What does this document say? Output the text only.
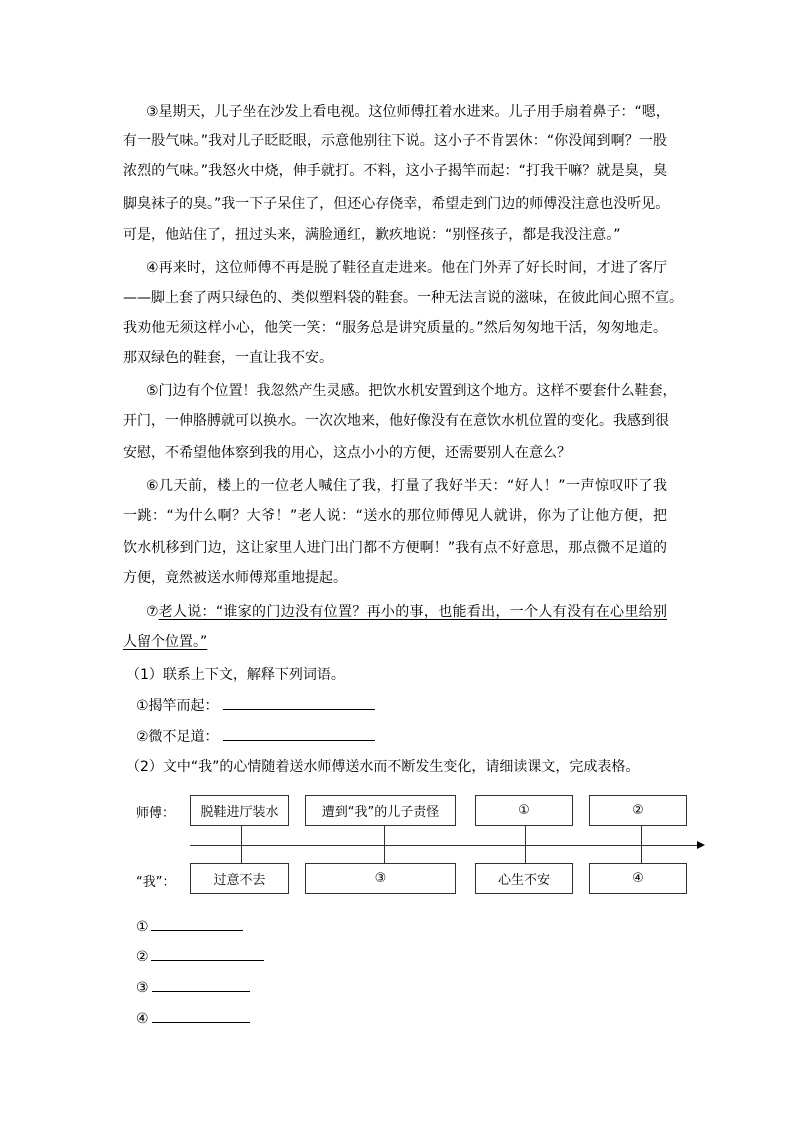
③星期天，儿子坐在沙发上看电视。这位师傅扛着水进来。儿子用手扇着鼻子：“嗯，
有一股气味。”我对儿子眨眨眼，示意他别往下说。这小子不肯罢休：“你没闻到啊？一股
浓烈的气味。”我怒火中烧，伸手就打。不料，这小子揭竿而起：“打我干嘛？就是臭，臭
脚臭袜子的臭。”我一下子呆住了，但还心存侥幸，希望走到门边的师傅没注意也没听见。
可是，他站住了，扭过头来，满脸通红，歉疚地说：“别怪孩子，都是我没注意。”
④再来时，这位师傅不再是脱了鞋径直走进来。他在门外弄了好长时间，才进了客厅
——脚上套了两只绿色的、类似塑料袋的鞋套。一种无法言说的滋味，在彼此间心照不宣。
我劝他无须这样小心，他笑一笑：“服务总是讲究质量的。”然后匆匆地干活，匆匆地走。
那双绿色的鞋套，一直让我不安。
⑤门边有个位置！我忽然产生灵感。把饮水机安置到这个地方。这样不要套什么鞋套，
开门，一伸胳膊就可以换水。一次次地来，他好像没有在意饮水机位置的变化。我感到很
安慰，不希望他体察到我的用心，这点小小的方便，还需要别人在意么？
⑥几天前，楼上的一位老人喊住了我，打量了我好半天：“好人！”一声惊叹吓了我
一跳：“为什么啊？大爷！”老人说：“送水的那位师傅见人就讲，你为了让他方便，把
饮水机移到门边，这让家里人进门出门都不方便啊！”我有点不好意思，那点微不足道的
方便，竟然被送水师傅郑重地提起。
⑦ 老人说：“谁家的门边没有位置？再小的事，也能看出，一个人有没有在心里给别
人留个位置。”
（1）联系上下文，解释下列词语。
①揭竿而起：
②微不足道：
（2）文中“我”的心情随着送水师傅送水而不断发生变化，请细读课文，完成表格。
师傅：
“我”：
脱鞋进厅装水	遭到“我”的儿子责怪	①	②
过意不去	③	心生不安	④
①
②
③
④
